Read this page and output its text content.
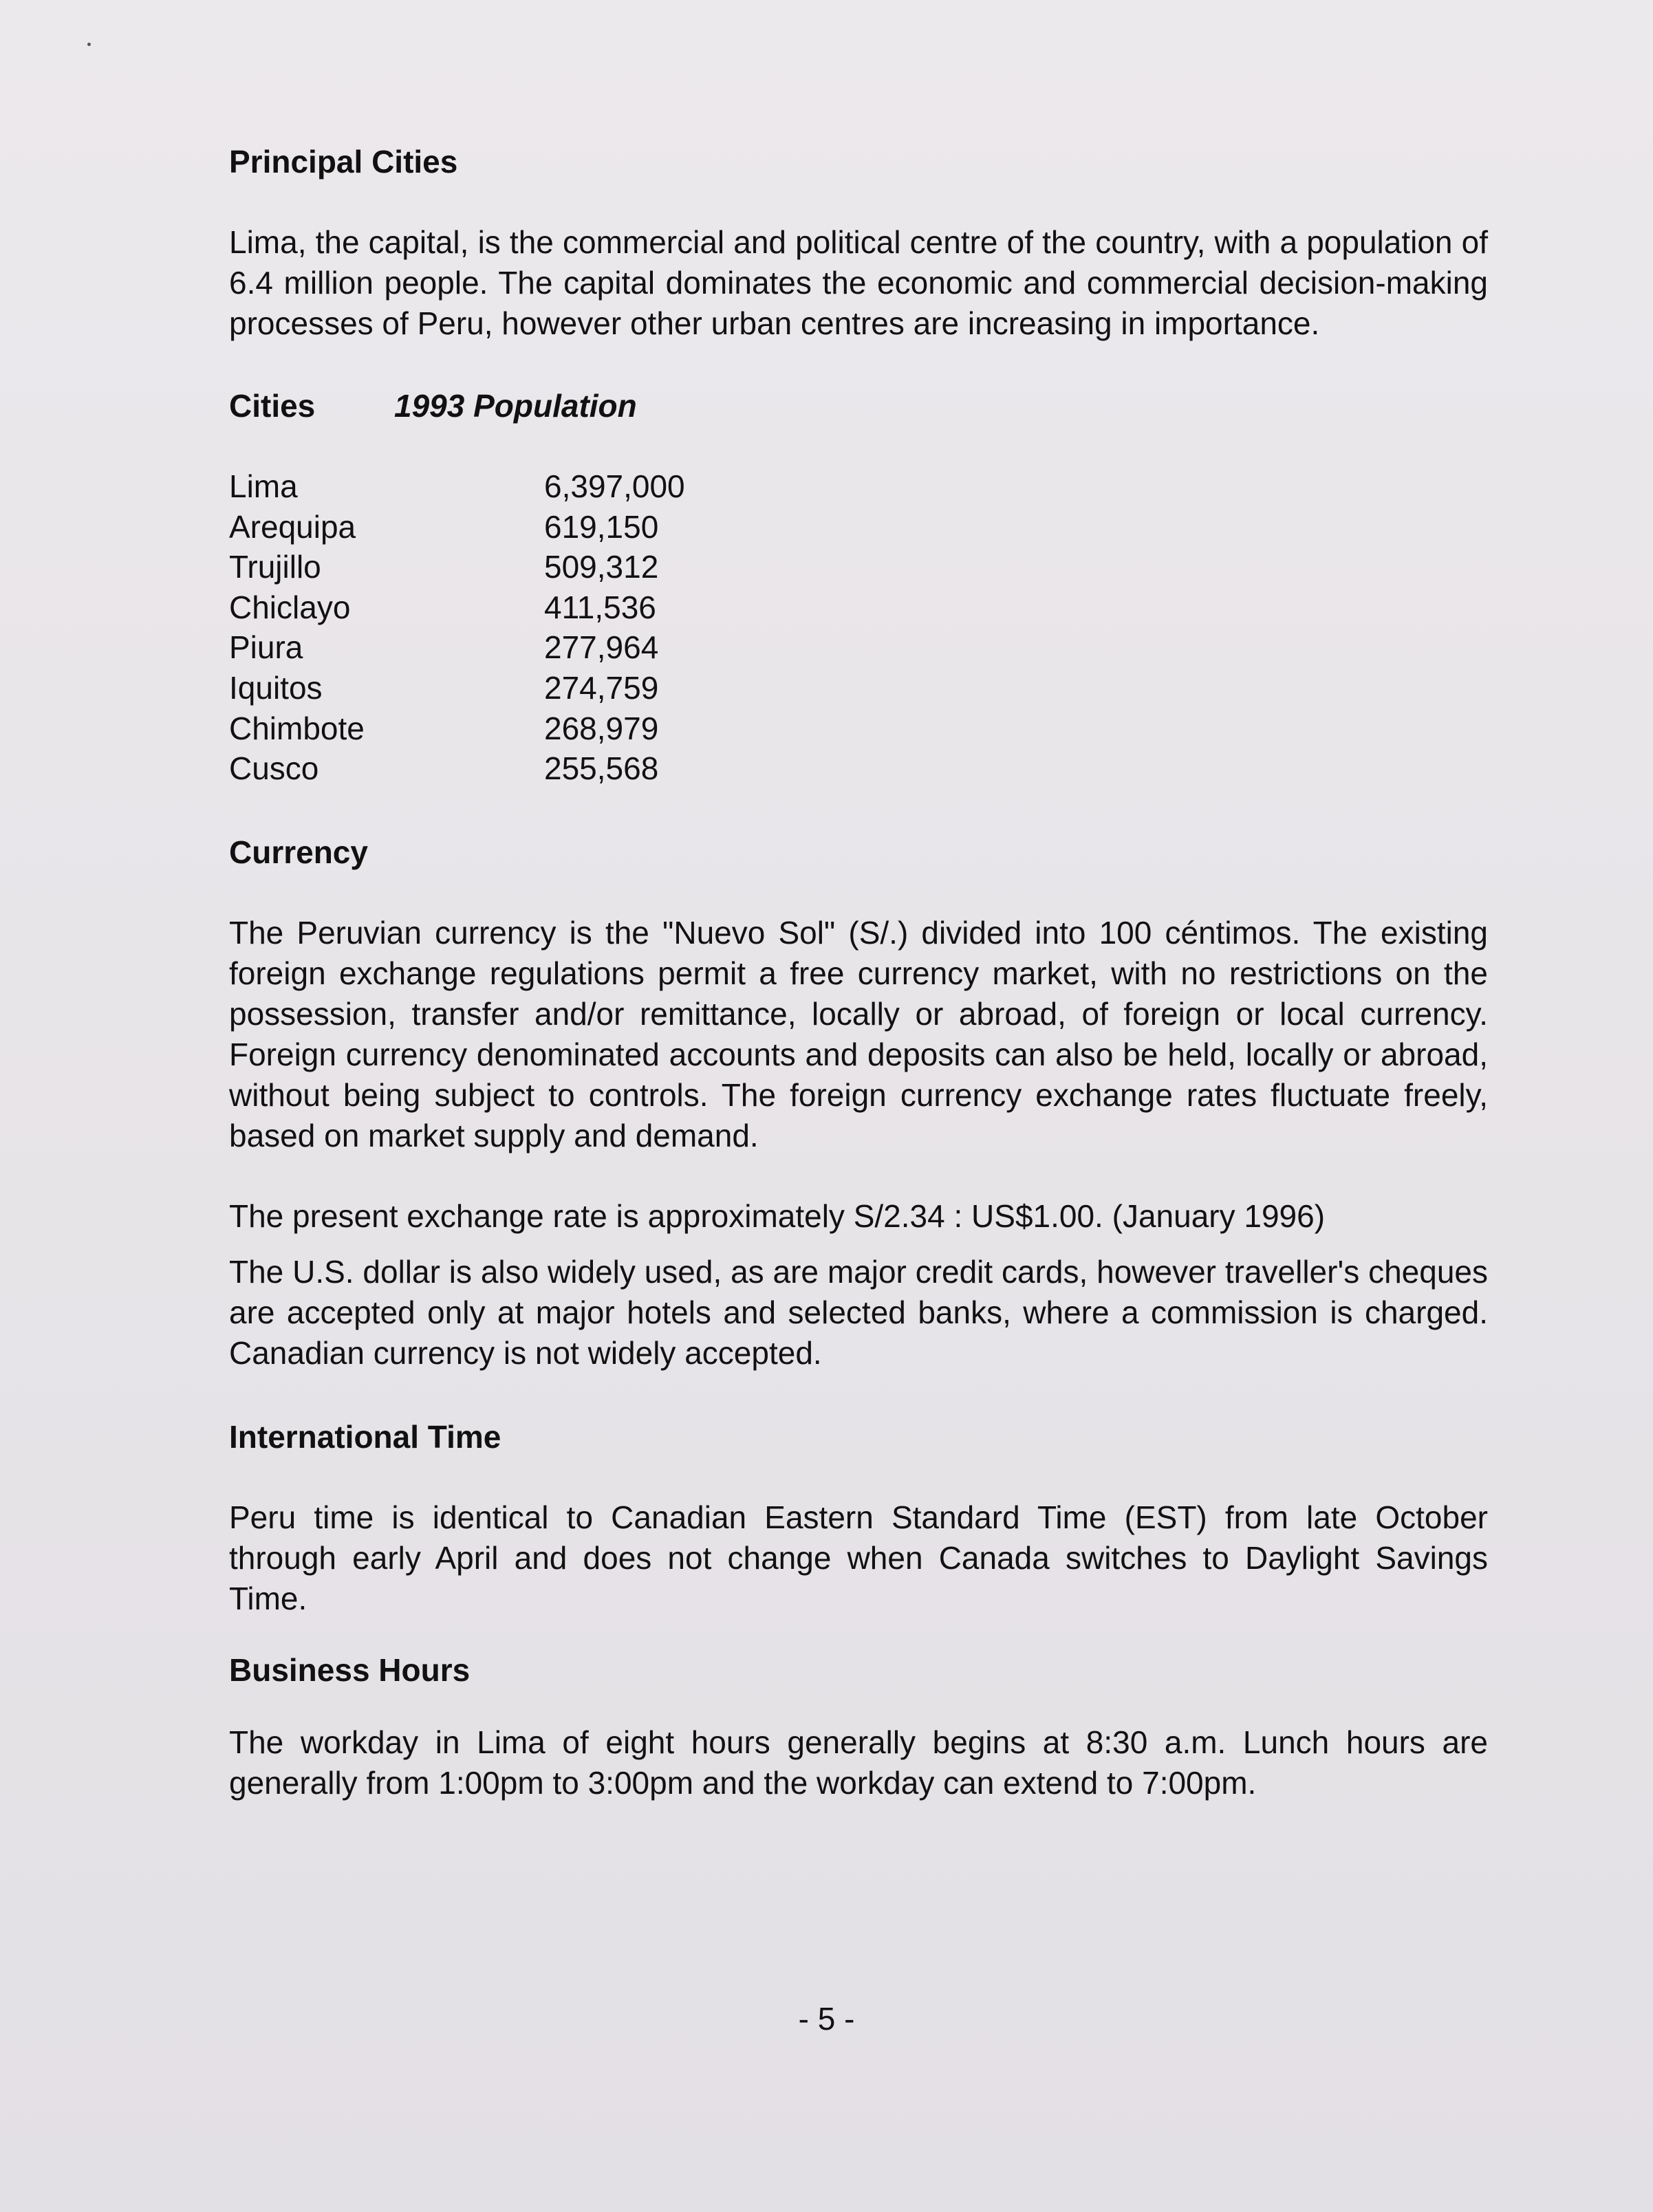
Principal Cities

Lima, the capital, is the commercial and political centre of the country, with a population of 6.4 million people. The capital dominates the economic and commercial decision-making processes of Peru, however other urban centres are increasing in importance.

Cities	1993 Population
Lima	6,397,000
Arequipa	619,150
Trujillo	509,312
Chiclayo	411,536
Piura	277,964
Iquitos	274,759
Chimbote	268,979
Cusco	255,568
Currency

The Peruvian currency is the "Nuevo Sol" (S/.) divided into 100 céntimos. The existing foreign exchange regulations permit a free currency market, with no restrictions on the possession, transfer and/or remittance, locally or abroad, of foreign or local currency. Foreign currency denominated accounts and deposits can also be held, locally or abroad, without being subject to controls. The foreign currency exchange rates fluctuate freely, based on market supply and demand.

The present exchange rate is approximately S/2.34 : US$1.00. (January 1996)

The U.S. dollar is also widely used, as are major credit cards, however traveller's cheques are accepted only at major hotels and selected banks, where a commission is charged. Canadian currency is not widely accepted.

International Time

Peru time is identical to Canadian Eastern Standard Time (EST) from late October through early April and does not change when Canada switches to Daylight Savings Time.

Business Hours

The workday in Lima of eight hours generally begins at 8:30 a.m. Lunch hours are generally from 1:00pm to 3:00pm and the workday can extend to 7:00pm.

- 5 -
